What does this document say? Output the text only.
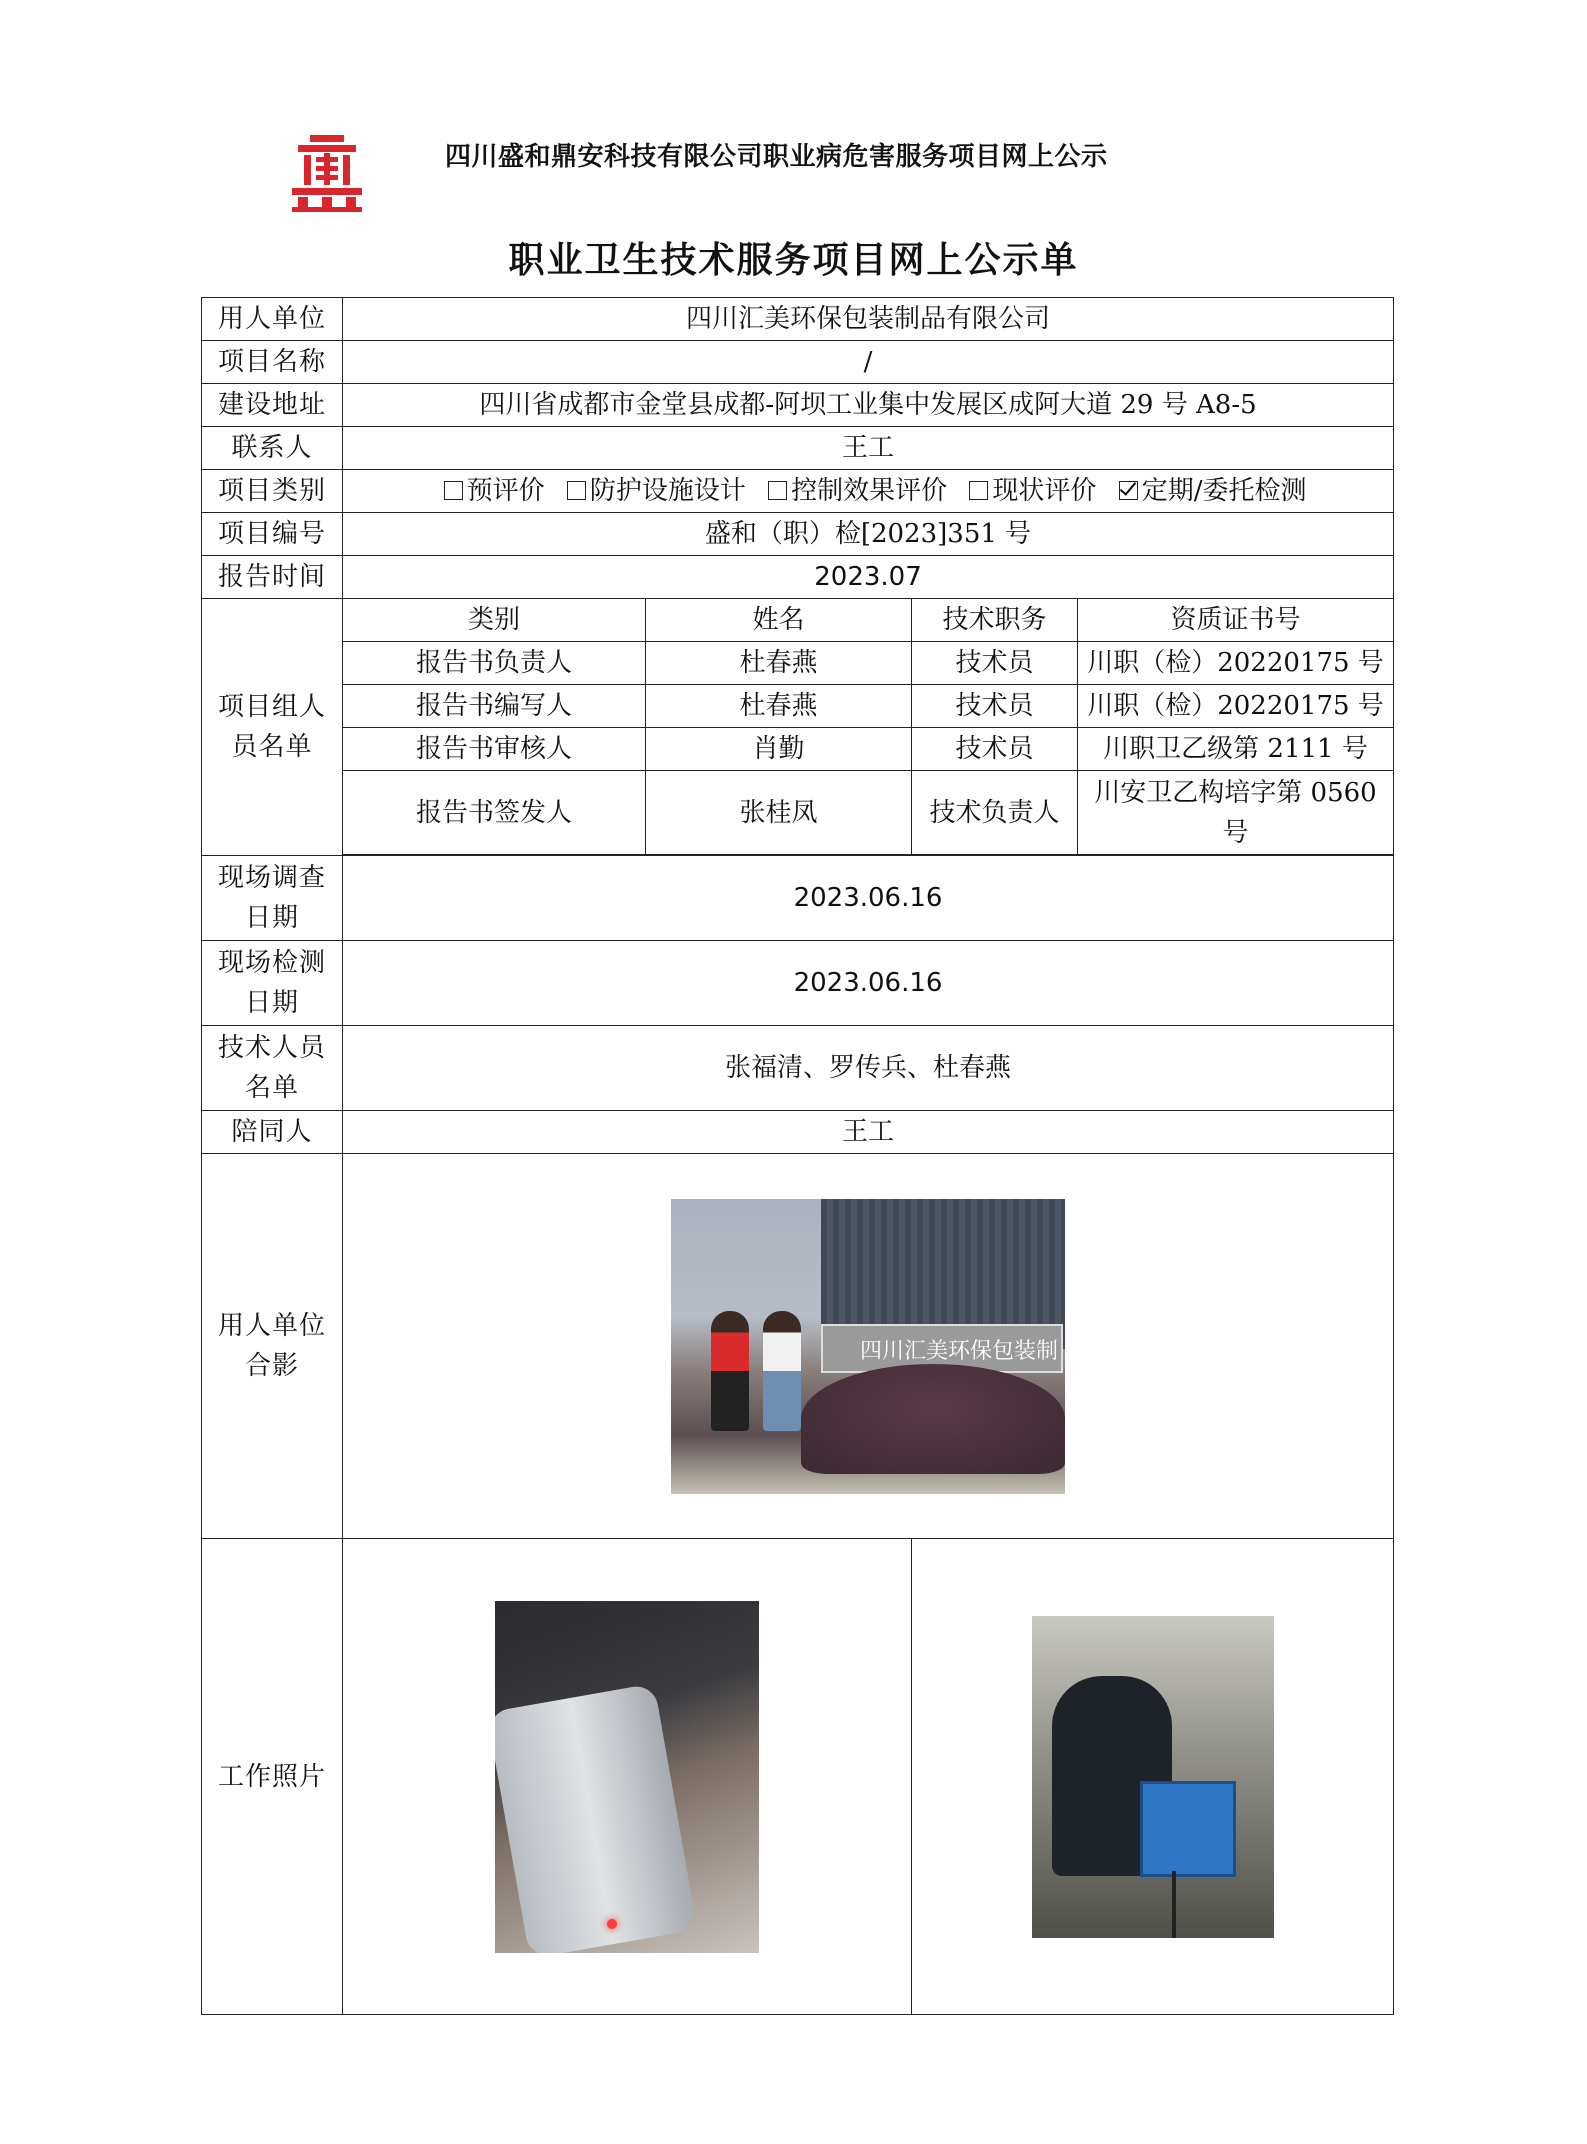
四川盛和鼎安科技有限公司职业病危害服务项目网上公示
职业卫生技术服务项目网上公示单
用人单位	四川汇美环保包装制品有限公司			
项目名称	/			
建设地址	四川省成都市金堂县成都-阿坝工业集中发展区成阿大道 29 号 A8-5			
联系人	王工			
项目类别	预评价 防护设施设计 控制效果评价 现状评价 定期/委托检测			
项目编号	盛和（职）检[2023]351 号			
报告时间	2023.07			
项目组人员名单	类别	姓名	技术职务	资质证书号
	报告书负责人	杜春燕	技术员	川职（检）20220175 号
	报告书编写人	杜春燕	技术员	川职（检）20220175 号
	报告书审核人	肖勤	技术员	川职卫乙级第 2111 号
	报告书签发人	张桂凤	技术负责人	川安卫乙构培字第 0560 号

现场调查日期	2023.06.16			
现场检测日期	2023.06.16			
技术人员名单	张福清、罗传兵、杜春燕			
陪同人	王工			
用人单位合影	四川汇美环保包装制			

工作照片			
